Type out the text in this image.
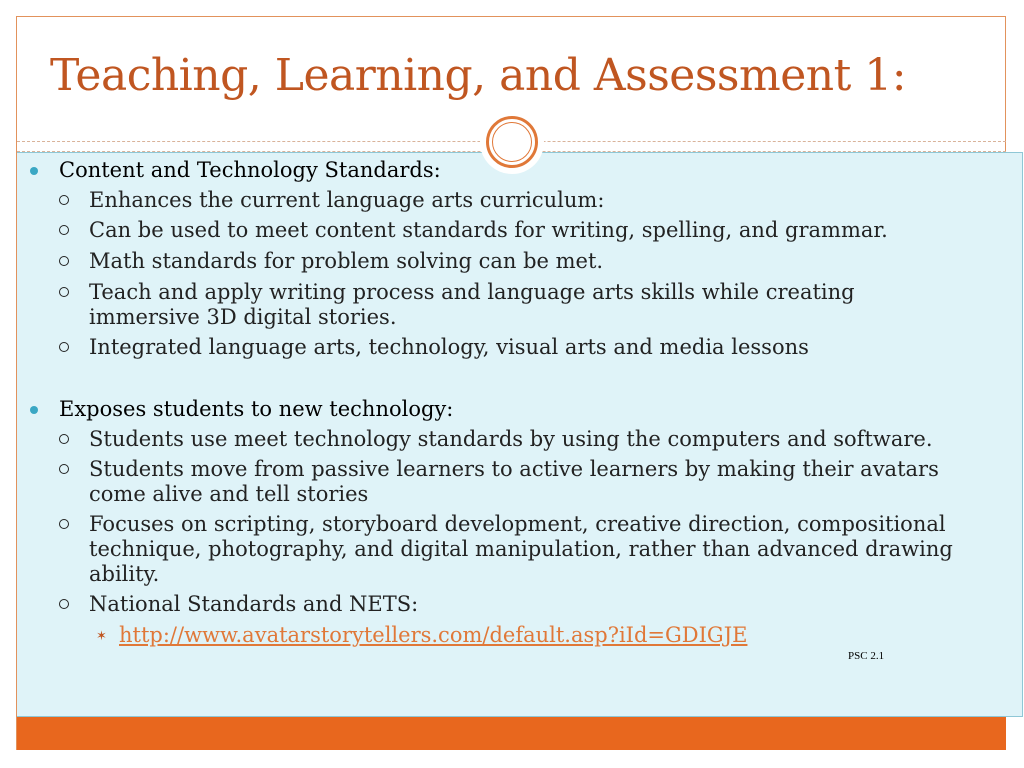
Teaching, Learning, and Assessment 1:
Content and Technology Standards:
Enhances the current language arts curriculum:
Can be used to meet content standards for writing, spelling, and grammar.
Math standards for problem solving can be met.
Teach and apply writing process and language arts skills while creating
immersive 3D digital stories.
Integrated language arts, technology, visual arts and media lessons
Exposes students to new technology:
Students use meet technology standards by using the computers and software.
Students move from passive learners to active learners by making their avatars
come alive and tell stories
Focuses on scripting, storyboard development, creative direction, compositional
technique, photography, and digital manipulation, rather than advanced drawing
ability.
National Standards and NETS:
✶ http://www.avatarstorytellers.com/default.asp?iId=GDIGJE
PSC 2.1
